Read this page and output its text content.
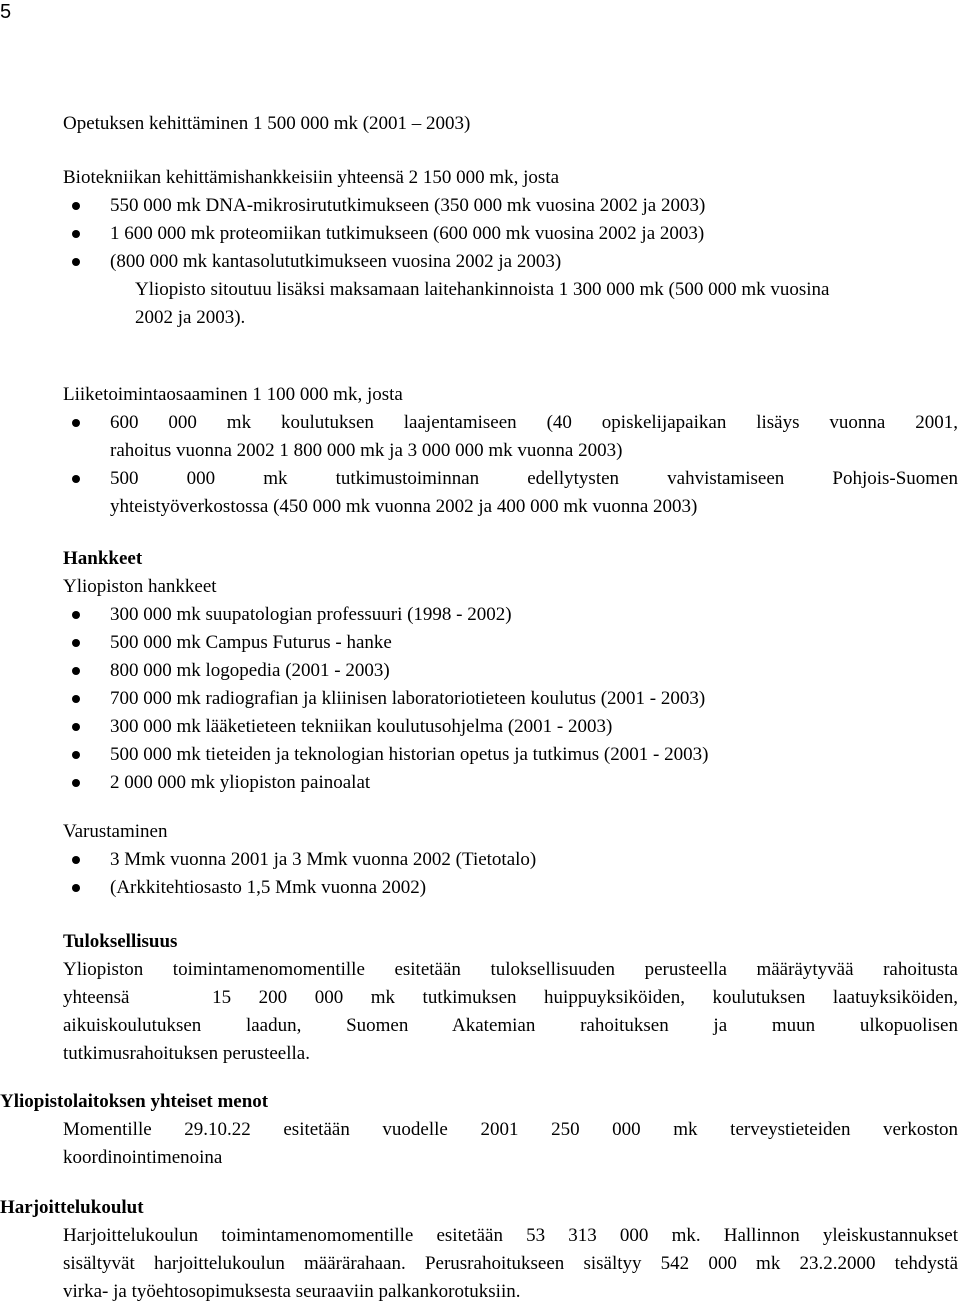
5
Opetuksen kehittäminen 1 500 000 mk (2001 – 2003)
Biotekniikan kehittämishankkeisiin yhteensä 2 150 000 mk, josta
550 000 mk DNA-mikrosirututkimukseen (350 000 mk vuosina 2002 ja 2003)
1 600 000 mk proteomiikan tutkimukseen (600 000 mk vuosina 2002 ja 2003)
(800 000 mk kantasolututkimukseen vuosina 2002 ja 2003)
Yliopisto sitoutuu lisäksi maksamaan laitehankinnoista 1 300 000 mk (500 000 mk vuosina
2002 ja 2003).
Liiketoimintaosaaminen 1 100 000 mk, josta
600 000 mk koulutuksen laajentamiseen (40 opiskelijapaikan lisäys vuonna 2001,
rahoitus vuonna 2002 1 800 000 mk ja 3 000 000 mk vuonna 2003)
500 000 mk tutkimustoiminnan edellytysten vahvistamiseen Pohjois-Suomen
yhteistyöverkostossa (450 000 mk vuonna 2002 ja 400 000 mk vuonna 2003)
Hankkeet
Yliopiston hankkeet
300 000 mk suupatologian professuuri (1998 - 2002)
500 000 mk Campus Futurus - hanke
800 000 mk logopedia (2001 - 2003)
700 000 mk radiografian ja kliinisen laboratoriotieteen koulutus (2001 - 2003)
300 000 mk lääketieteen tekniikan koulutusohjelma (2001 - 2003)
500 000 mk tieteiden ja teknologian historian opetus ja tutkimus (2001 - 2003)
2 000 000 mk yliopiston painoalat
Varustaminen
3 Mmk vuonna 2001 ja 3 Mmk vuonna 2002 (Tietotalo)
(Arkkitehtiosasto 1,5 Mmk vuonna 2002)
Tuloksellisuus
Yliopiston toimintamenomomentille esitetään tuloksellisuuden perusteella määräytyvää rahoitusta
yhteensä   15 200 000 mk tutkimuksen huippuyksiköiden, koulutuksen laatuyksiköiden,
aikuiskoulutuksen laadun, Suomen Akatemian rahoituksen ja muun ulkopuolisen
tutkimusrahoituksen perusteella.
Yliopistolaitoksen yhteiset menot
Momentille 29.10.22 esitetään vuodelle 2001 250 000 mk terveystieteiden verkoston
koordinointimenoina
Harjoittelukoulut
Harjoittelukoulun toimintamenomomentille esitetään 53 313 000 mk. Hallinnon yleiskustannukset
sisältyvät harjoittelukoulun määrärahaan. Perusrahoitukseen sisältyy 542 000 mk 23.2.2000 tehdystä
virka- ja työehtosopimuksesta seuraaviin palkankorotuksiin.
